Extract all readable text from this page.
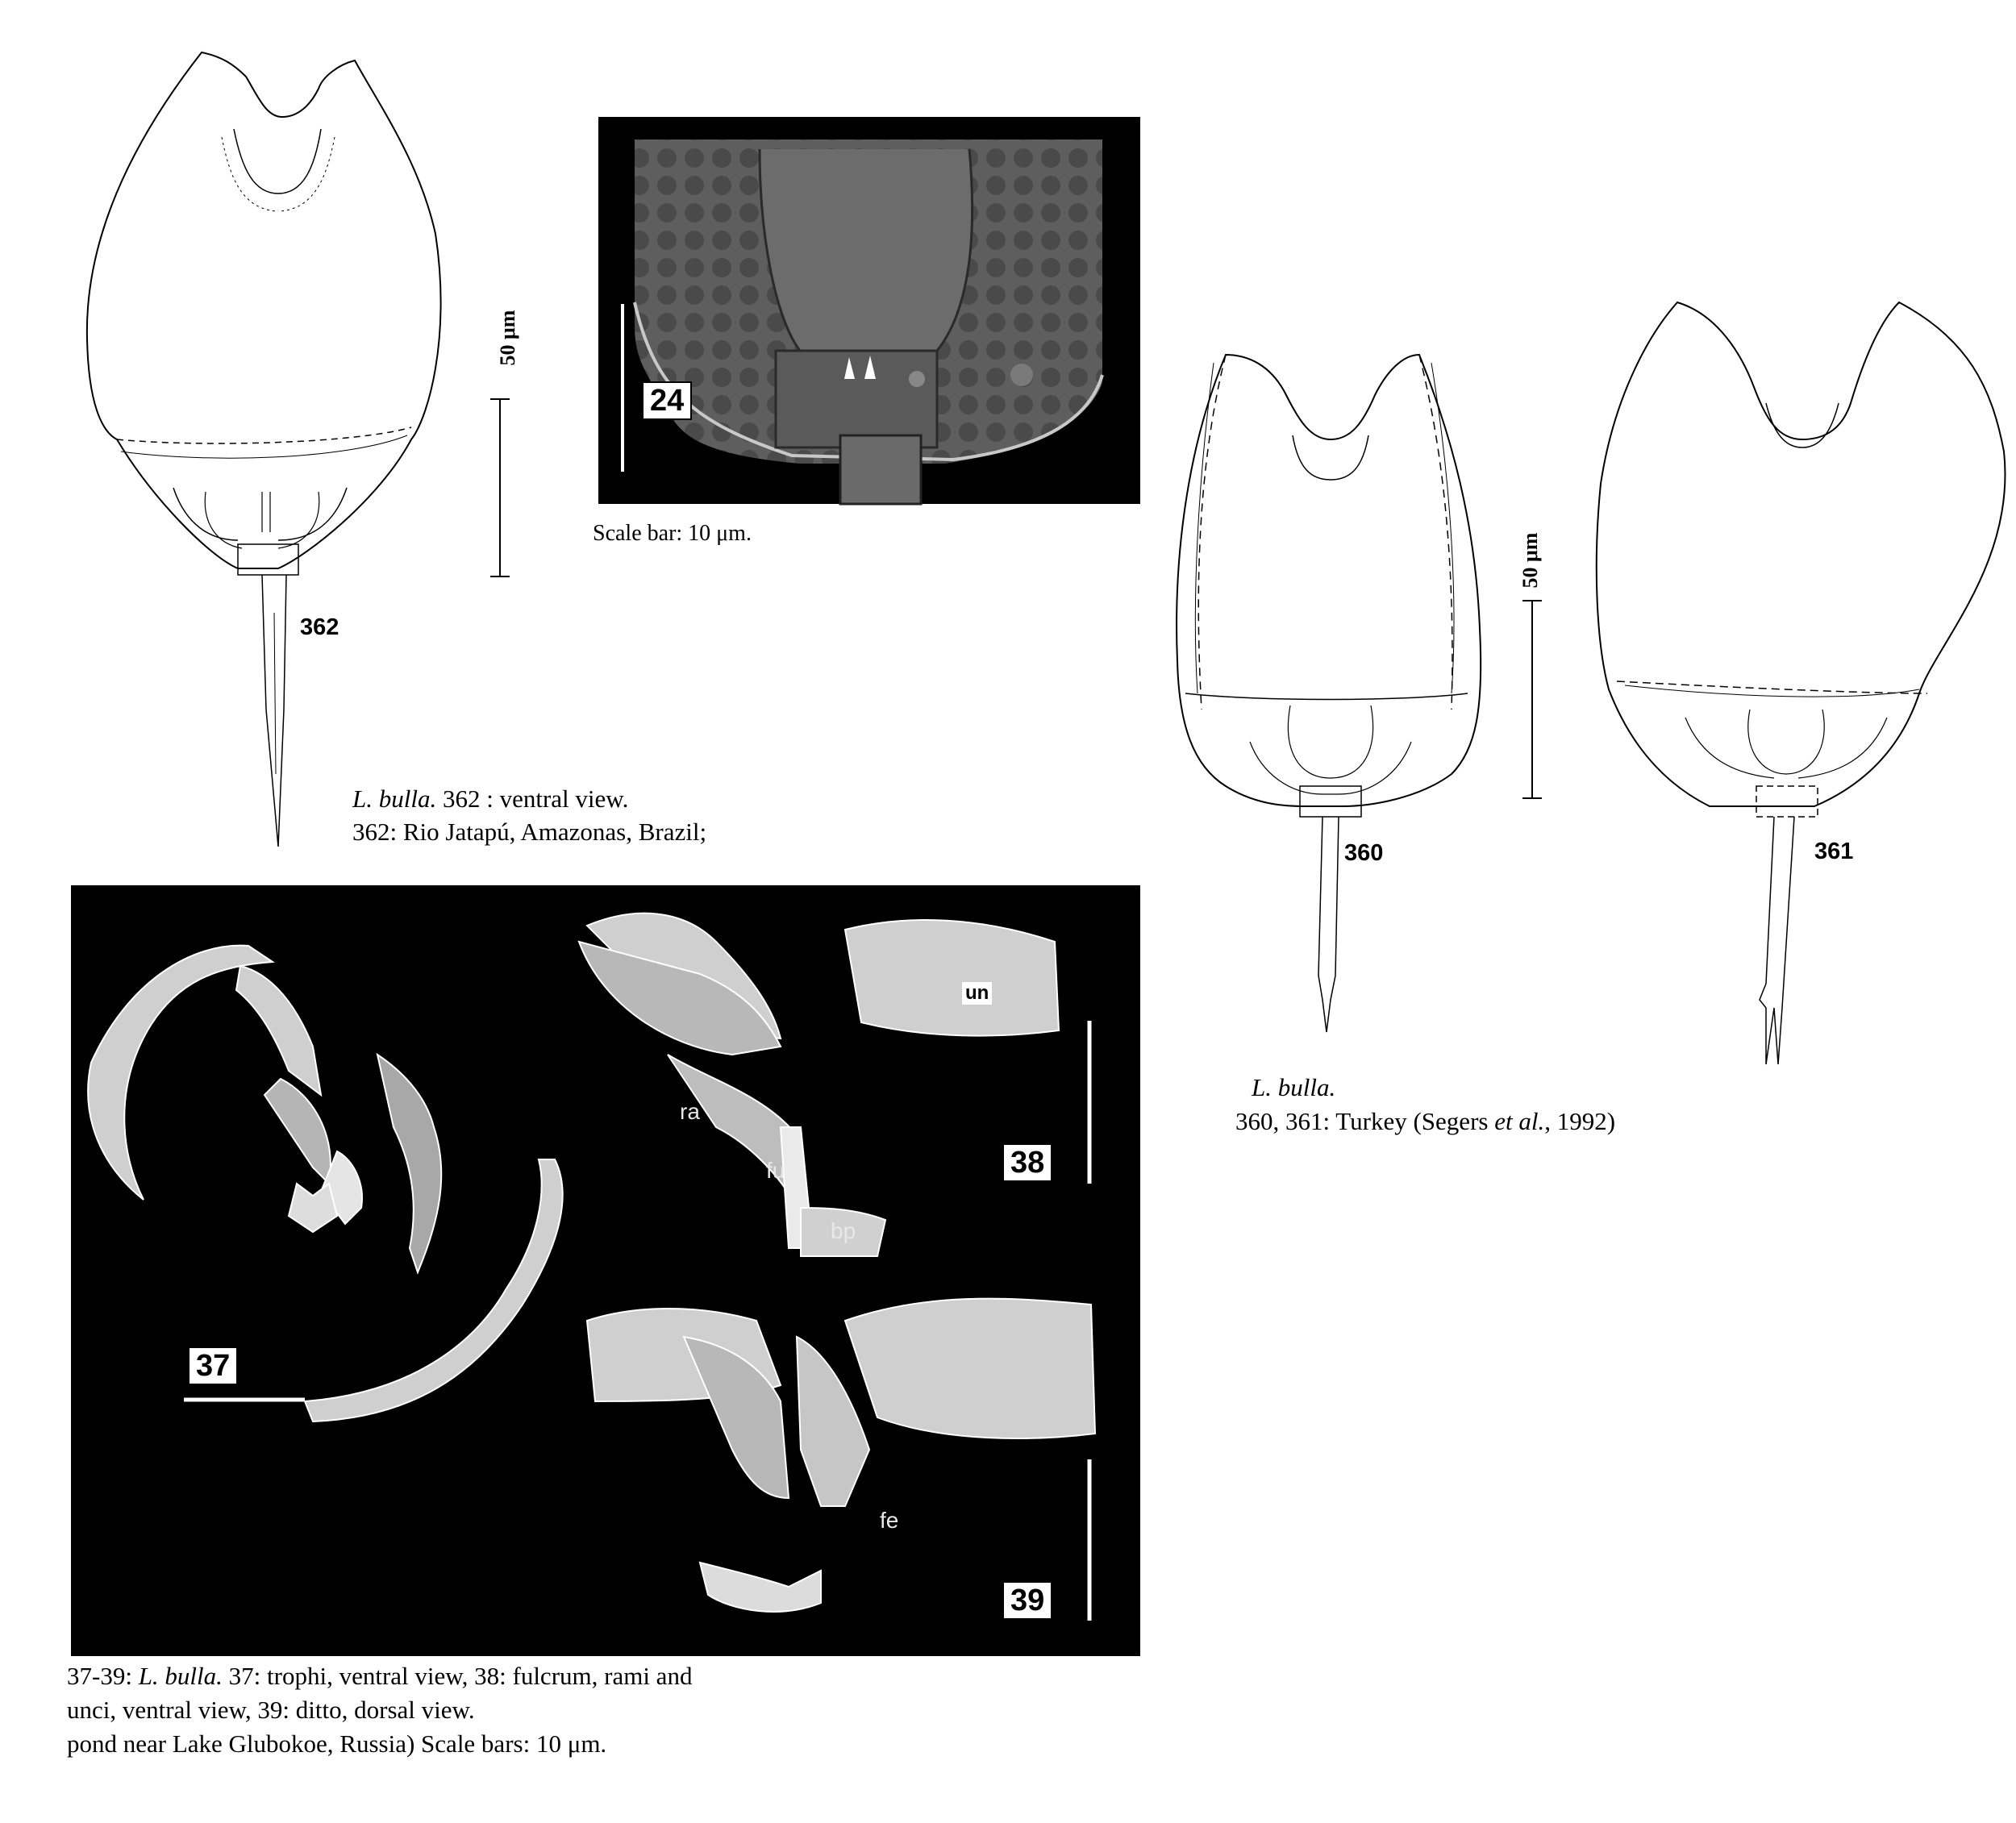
50 μm
362
L. bulla. 362 : ventral view.
362: Rio Jatapú, Amazonas, Brazil;
24
Scale bar: 10 μm.	50 μm
360	361
L. bulla.
360, 361: Turkey (Segers et al., 1992)
37
38
39
un
ra
fu
bp
fe
37-39: L. bulla. 37: trophi, ventral view, 38: fulcrum, rami and
unci, ventral view, 39: ditto, dorsal view.
pond near Lake Glubokoe, Russia) Scale bars: 10 μm.
